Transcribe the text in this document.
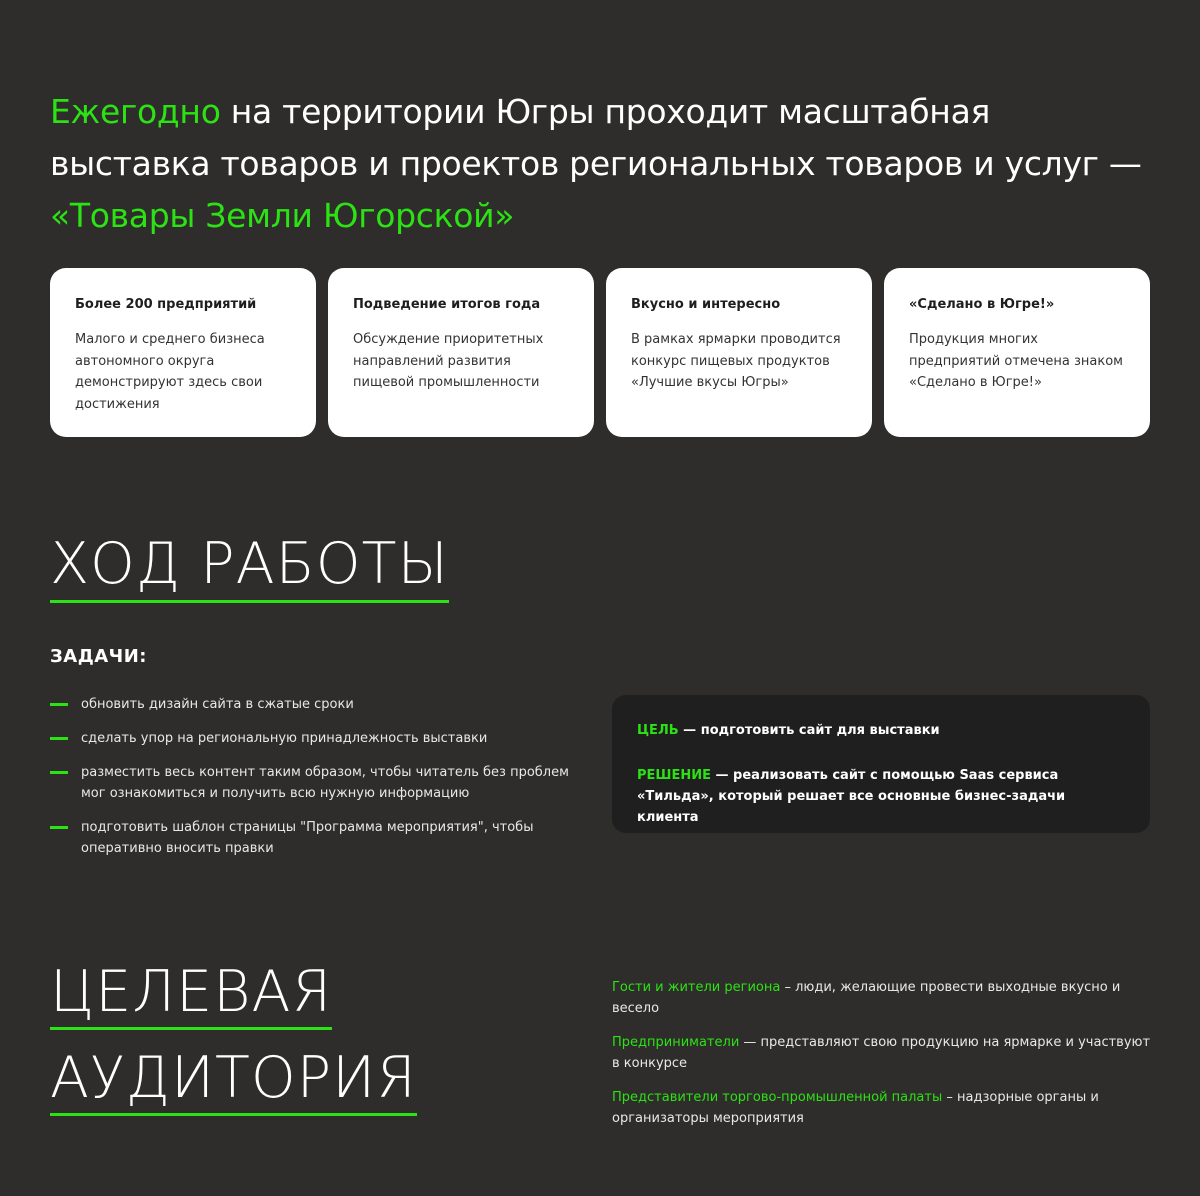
Ежегодно на территории Югры проходит масштабная выставка товаров и проектов региональных товаров и услуг — «Товары Земли Югорской»
Более 200 предприятий
Малого и среднего бизнеса автономного округа демонстрируют здесь свои достижения
Подведение итогов года
Обсуждение приоритетных направлений развития пищевой промышленности
Вкусно и интересно
В рамках ярмарки проводится конкурс пищевых продуктов «Лучшие вкусы Югры»
«Сделано в Югре!»
Продукция многих предприятий отмечена знаком «Сделано в Югре!»
ХОД РАБОТЫ
ЗАДАЧИ:
обновить дизайн сайта в сжатые сроки
сделать упор на региональную принадлежность выставки
разместить весь контент таким образом, чтобы читатель без проблем мог ознакомиться и получить всю нужную информацию
подготовить шаблон страницы "Программа мероприятия", чтобы оперативно вносить правки

ЦЕЛЬ — подготовить сайт для выставки

РЕШЕНИЕ — реализовать сайт с помощью Saas сервиса «Тильда», который решает все основные бизнес-задачи клиента

ЦЕЛЕВАЯ
АУДИТОРИЯ

Гости и жители региона – люди, желающие провести выходные вкусно и весело

Предприниматели — представляют свою продукцию на ярмарке и участвуют в конкурсе

Представители торгово-промышленной палаты – надзорные органы и организаторы мероприятия
